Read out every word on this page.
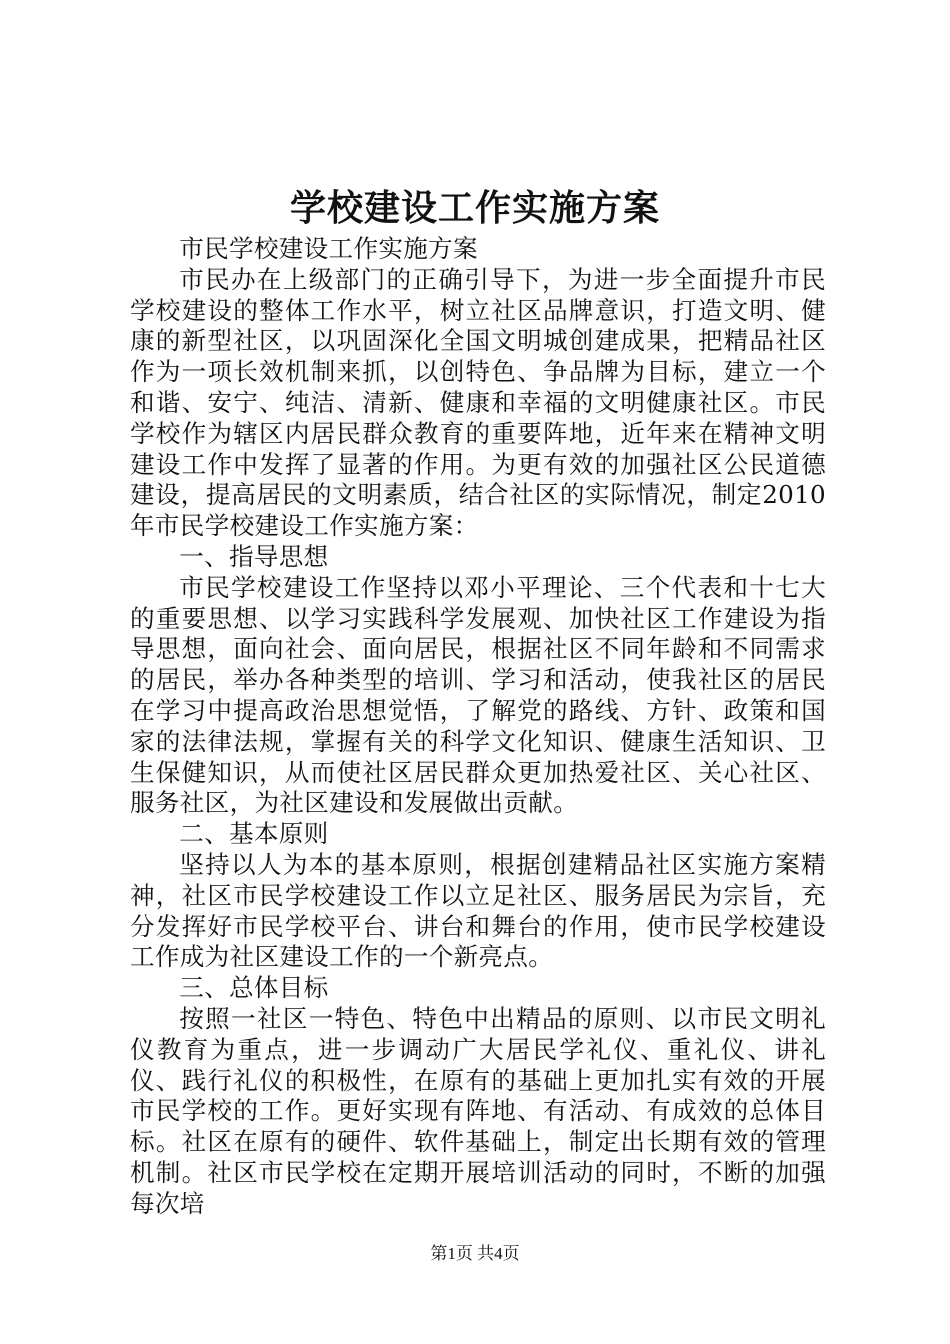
学校建设工作实施方案

市民学校建设工作实施方案

市民办在上级部门的正确引导下，为进一步全面提升市民学校建设的整体工作水平，树立社区品牌意识，打造文明、健康的新型社区，以巩固深化全国文明城创建成果，把精品社区作为一项长效机制来抓，以创特色、争品牌为目标，建立一个和谐、安宁、纯洁、清新、健康和幸福的文明健康社区。市民学校作为辖区内居民群众教育的重要阵地，近年来在精神文明建设工作中发挥了显著的作用。为更有效的加强社区公民道德建设，提高居民的文明素质，结合社区的实际情况，制定2010年市民学校建设工作实施方案：

一、指导思想

市民学校建设工作坚持以邓小平理论、三个代表和十七大的重要思想、以学习实践科学发展观、加快社区工作建设为指导思想，面向社会、面向居民，根据社区不同年龄和不同需求的居民，举办各种类型的培训、学习和活动，使我社区的居民在学习中提高政治思想觉悟，了解党的路线、方针、政策和国家的法律法规，掌握有关的科学文化知识、健康生活知识、卫生保健知识，从而使社区居民群众更加热爱社区、关心社区、服务社区，为社区建设和发展做出贡献。

二、基本原则

坚持以人为本的基本原则，根据创建精品社区实施方案精神，社区市民学校建设工作以立足社区、服务居民为宗旨，充分发挥好市民学校平台、讲台和舞台的作用，使市民学校建设工作成为社区建设工作的一个新亮点。

三、总体目标

按照一社区一特色、特色中出精品的原则、以市民文明礼仪教育为重点，进一步调动广大居民学礼仪、重礼仪、讲礼仪、践行礼仪的积极性，在原有的基础上更加扎实有效的开展市民学校的工作。更好实现有阵地、有活动、有成效的总体目标。社区在原有的硬件、软件基础上，制定出长期有效的管理机制。社区市民学校在定期开展培训活动的同时，不断的加强每次培

第1页 共4页
